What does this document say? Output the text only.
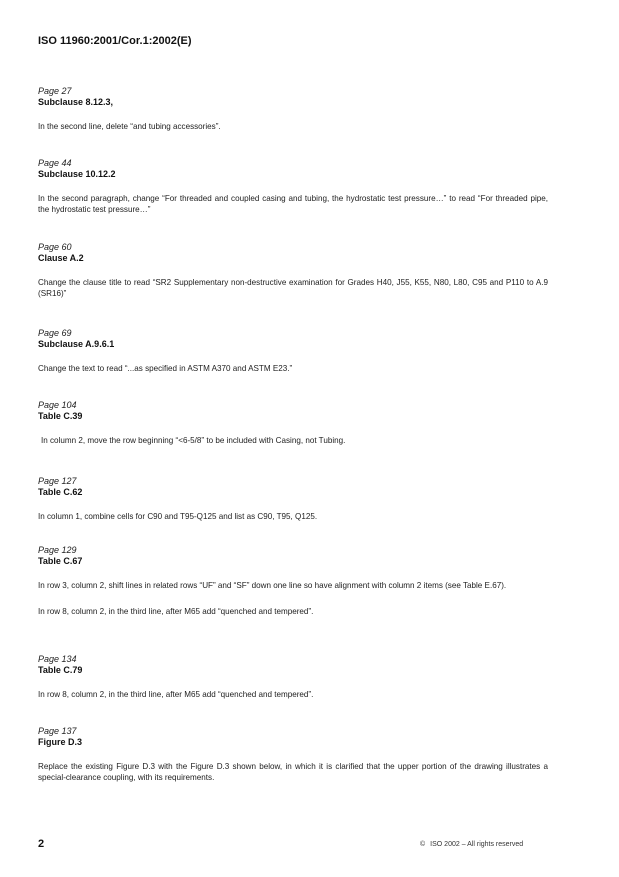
ISO 11960:2001/Cor.1:2002(E)
Page 27
Subclause 8.12.3,
In the second line, delete “and tubing accessories”.
Page 44
Subclause 10.12.2
In the second paragraph, change “For threaded and coupled casing and tubing, the hydrostatic test pressure…” to read “For threaded pipe, the hydrostatic test pressure…”
Page 60
Clause A.2
Change the clause title to read “SR2 Supplementary non-destructive examination for Grades H40, J55, K55, N80, L80, C95 and P110 to A.9 (SR16)”
Page 69
Subclause A.9.6.1
Change the text to read “...as specified in ASTM A370 and ASTM E23.”
Page 104
Table C.39
In column 2, move the row beginning “<6-5/8” to be included with Casing, not Tubing.
Page 127
Table C.62
In column 1, combine cells for C90 and T95-Q125 and list as C90, T95, Q125.
Page 129
Table C.67
In row 3, column 2, shift lines in related rows “UF” and “SF” down one line so have alignment with column 2 items (see Table E.67).
In row 8, column 2, in the third line, after M65 add “quenched and tempered”.
Page 134
Table C.79
In row 8, column 2, in the third line, after M65 add “quenched and tempered”.
Page 137
Figure D.3
Replace the existing Figure D.3 with the Figure D.3 shown below, in which it is clarified that the upper portion of the drawing illustrates a special-clearance coupling, with its requirements.
2	© ISO 2002 – All rights reserved
